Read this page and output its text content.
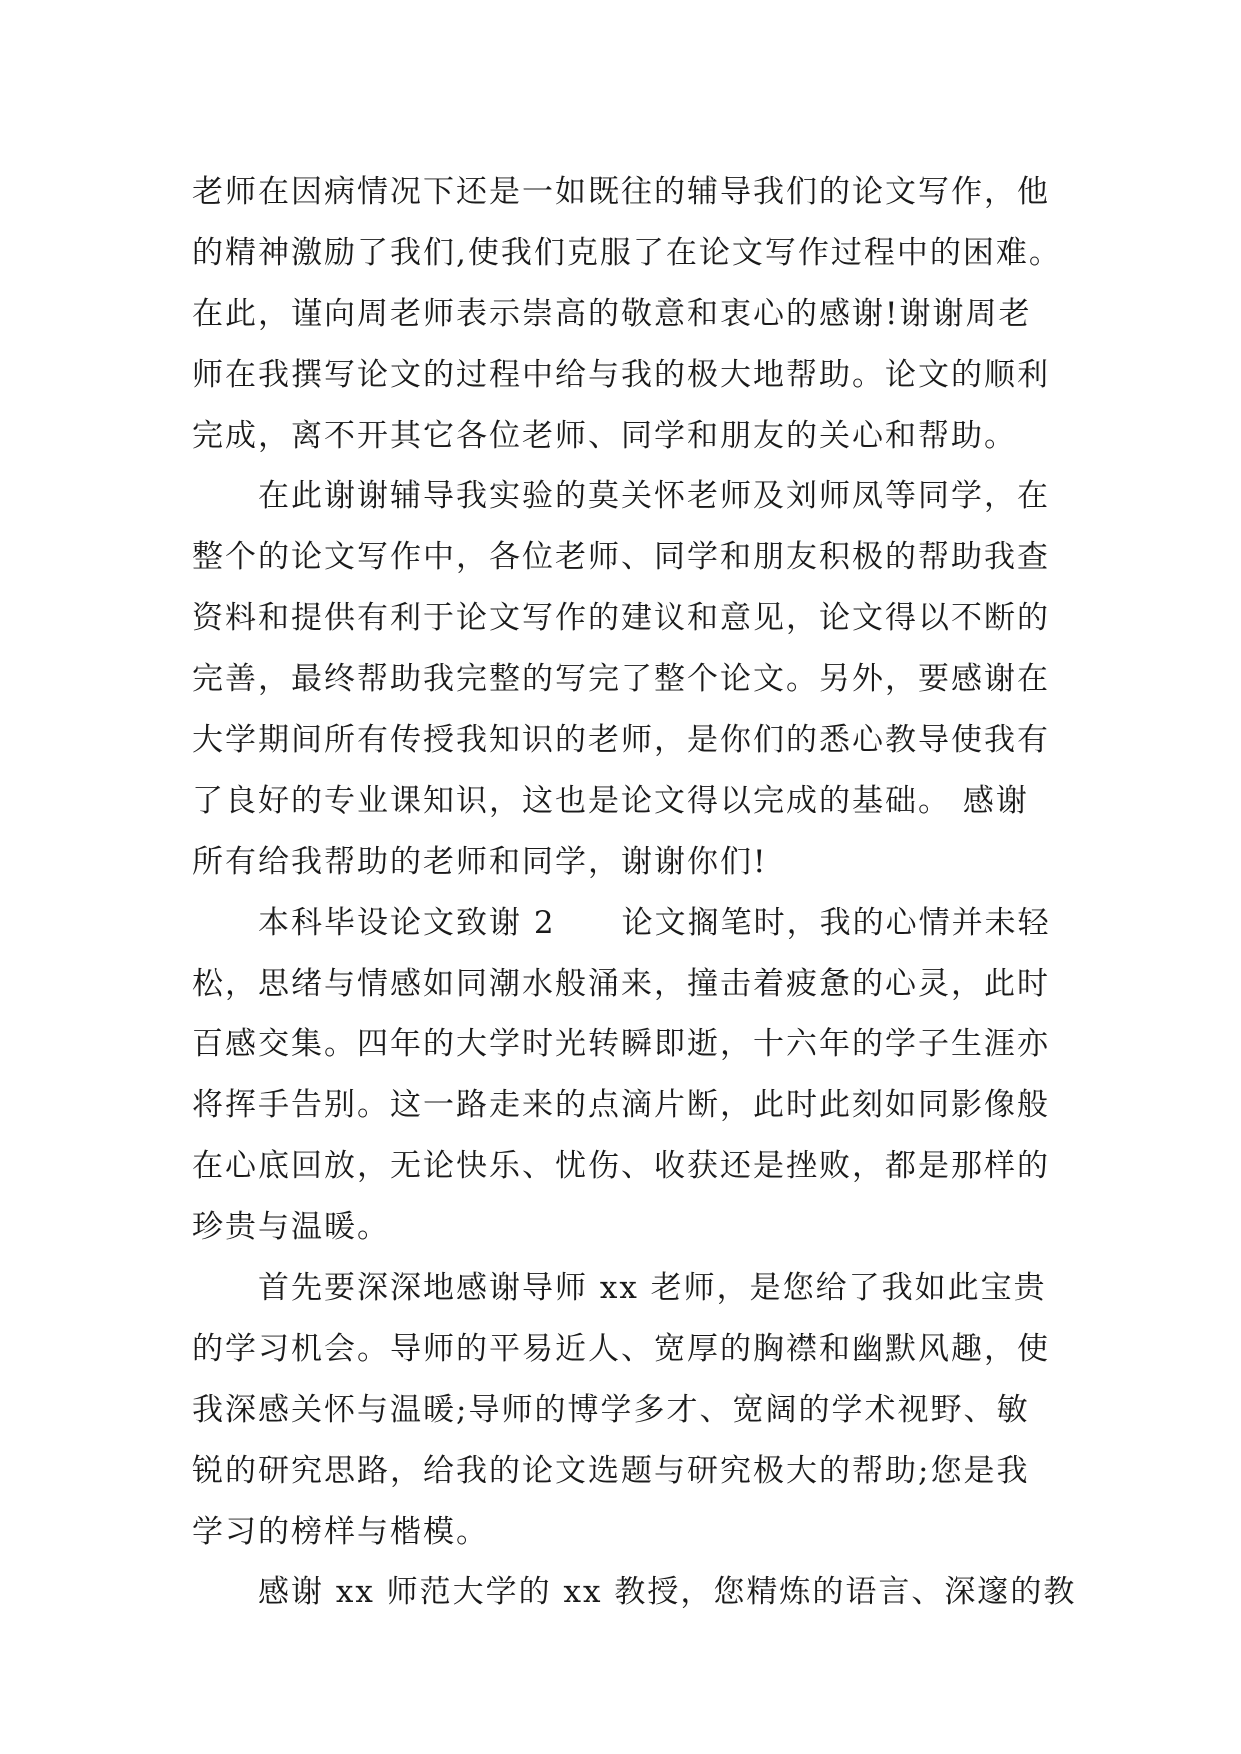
老师在因病情况下还是一如既往的辅导我们的论文写作，他
的精神激励了我们,使我们克服了在论文写作过程中的困难。
在此，谨向周老师表示崇高的敬意和衷心的感谢!谢谢周老
师在我撰写论文的过程中给与我的极大地帮助。论文的顺利
完成，离不开其它各位老师、同学和朋友的关心和帮助。
在此谢谢辅导我实验的莫关怀老师及刘师凤等同学，在
整个的论文写作中，各位老师、同学和朋友积极的帮助我查
资料和提供有利于论文写作的建议和意见，论文得以不断的
完善，最终帮助我完整的写完了整个论文。另外，要感谢在
大学期间所有传授我知识的老师，是你们的悉心教导使我有
了良好的专业课知识，这也是论文得以完成的基础。 感谢
所有给我帮助的老师和同学，谢谢你们!
本科毕设论文致谢 2　　论文搁笔时，我的心情并未轻
松，思绪与情感如同潮水般涌来，撞击着疲惫的心灵，此时
百感交集。四年的大学时光转瞬即逝，十六年的学子生涯亦
将挥手告别。这一路走来的点滴片断，此时此刻如同影像般
在心底回放，无论快乐、忧伤、收获还是挫败，都是那样的
珍贵与温暖。
首先要深深地感谢导师 xx 老师，是您给了我如此宝贵
的学习机会。导师的平易近人、宽厚的胸襟和幽默风趣，使
我深感关怀与温暖;导师的博学多才、宽阔的学术视野、敏
锐的研究思路，给我的论文选题与研究极大的帮助;您是我
学习的榜样与楷模。
感谢 xx 师范大学的 xx 教授，您精炼的语言、深邃的教
